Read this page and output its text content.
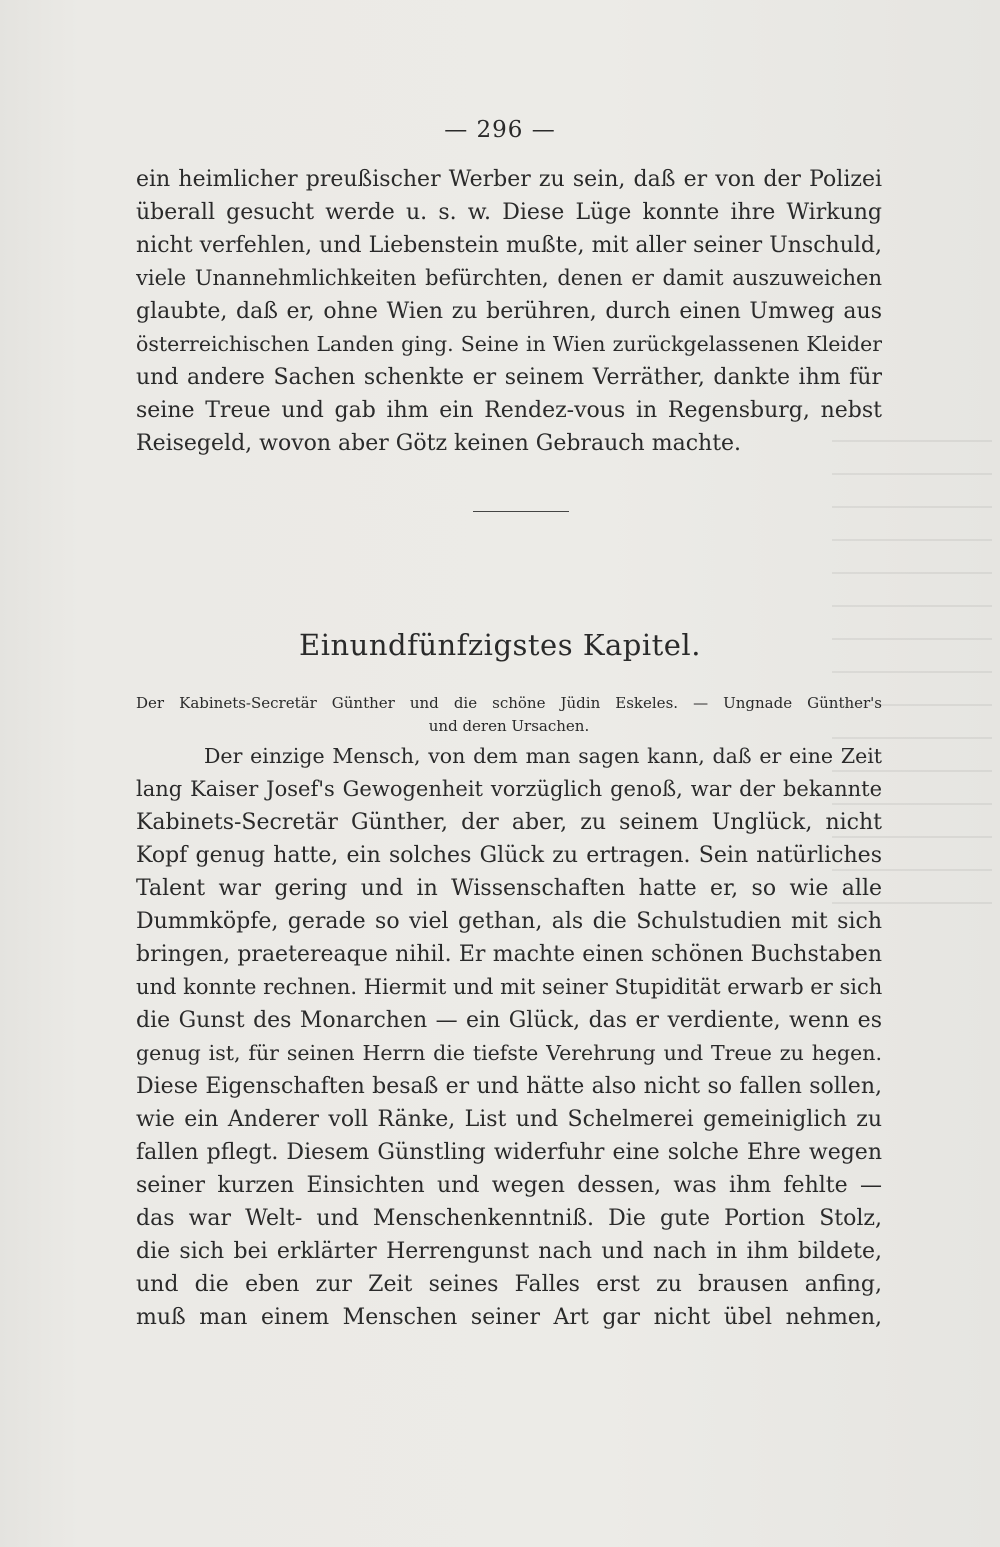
— 296 —
ein heimlicher preußischer Werber zu sein, daß er von der Polizei
überall gesucht werde u. s. w. Diese Lüge konnte ihre Wirkung
nicht verfehlen, und Liebenstein mußte, mit aller seiner Unschuld,
viele Unannehmlichkeiten befürchten, denen er damit auszuweichen
glaubte, daß er, ohne Wien zu berühren, durch einen Umweg aus
österreichischen Landen ging. Seine in Wien zurückgelassenen Kleider
und andere Sachen schenkte er seinem Verräther, dankte ihm für
seine Treue und gab ihm ein Rendez-vous in Regensburg, nebst
Reisegeld, wovon aber Götz keinen Gebrauch machte.
Einundfünfzigstes Kapitel.
Der Kabinets-Secretär Günther und die schöne Jüdin Eskeles. — Ungnade Günther's
und deren Ursachen.
Der einzige Mensch, von dem man sagen kann, daß er eine Zeit
lang Kaiser Josef's Gewogenheit vorzüglich genoß, war der bekannte
Kabinets-Secretär Günther, der aber, zu seinem Unglück, nicht
Kopf genug hatte, ein solches Glück zu ertragen. Sein natürliches
Talent war gering und in Wissenschaften hatte er, so wie alle
Dummköpfe, gerade so viel gethan, als die Schulstudien mit sich
bringen, praetereaque nihil. Er machte einen schönen Buchstaben
und konnte rechnen. Hiermit und mit seiner Stupidität erwarb er sich
die Gunst des Monarchen — ein Glück, das er verdiente, wenn es
genug ist, für seinen Herrn die tiefste Verehrung und Treue zu hegen.
Diese Eigenschaften besaß er und hätte also nicht so fallen sollen,
wie ein Anderer voll Ränke, List und Schelmerei gemeiniglich zu
fallen pflegt. Diesem Günstling widerfuhr eine solche Ehre wegen
seiner kurzen Einsichten und wegen dessen, was ihm fehlte —
das war Welt- und Menschenkenntniß. Die gute Portion Stolz,
die sich bei erklärter Herrengunst nach und nach in ihm bildete,
und die eben zur Zeit seines Falles erst zu brausen anfing,
muß man einem Menschen seiner Art gar nicht übel nehmen,
